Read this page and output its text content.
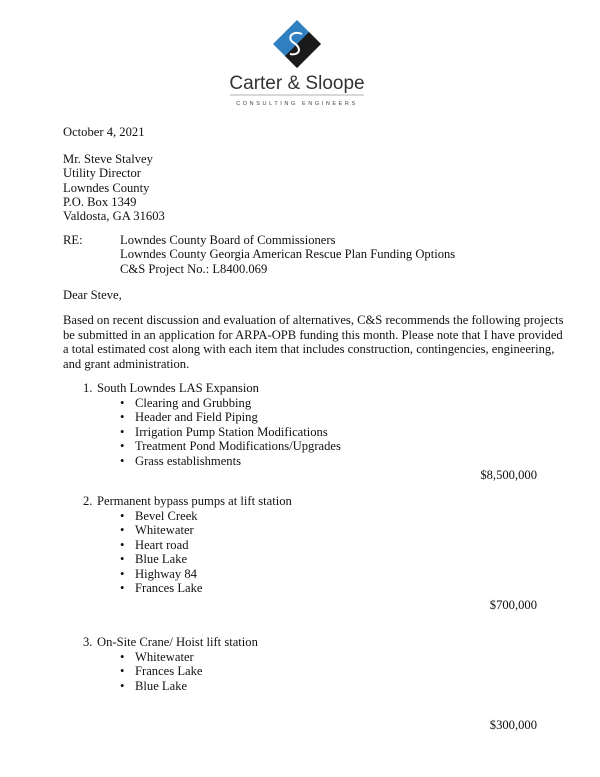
Carter & Sloope
CONSULTING ENGINEERS
October 4, 2021
Mr. Steve Stalvey
Utility Director
Lowndes County
P.O. Box 1349
Valdosta, GA 31603
RE:	Lowndes County Board of Commissioners
Lowndes County Georgia American Rescue Plan Funding Options
C&S Project No.: L8400.069
Dear Steve,
Based on recent discussion and evaluation of alternatives, C&S recommends the following projects
be submitted in an application for ARPA-OPB funding this month. Please note that I have provided
a total estimated cost along with each item that includes construction, contingencies, engineering,
and grant administration.
1. South Lowndes LAS Expansion
• Clearing and Grubbing
• Header and Field Piping
• Irrigation Pump Station Modifications
• Treatment Pond Modifications/Upgrades
• Grass establishments
$8,500,000
2. Permanent bypass pumps at lift station
• Bevel Creek
• Whitewater
• Heart road
• Blue Lake
• Highway 84
• Frances Lake
$700,000
3. On-Site Crane/ Hoist lift station
• Whitewater
• Frances Lake
• Blue Lake
$300,000
